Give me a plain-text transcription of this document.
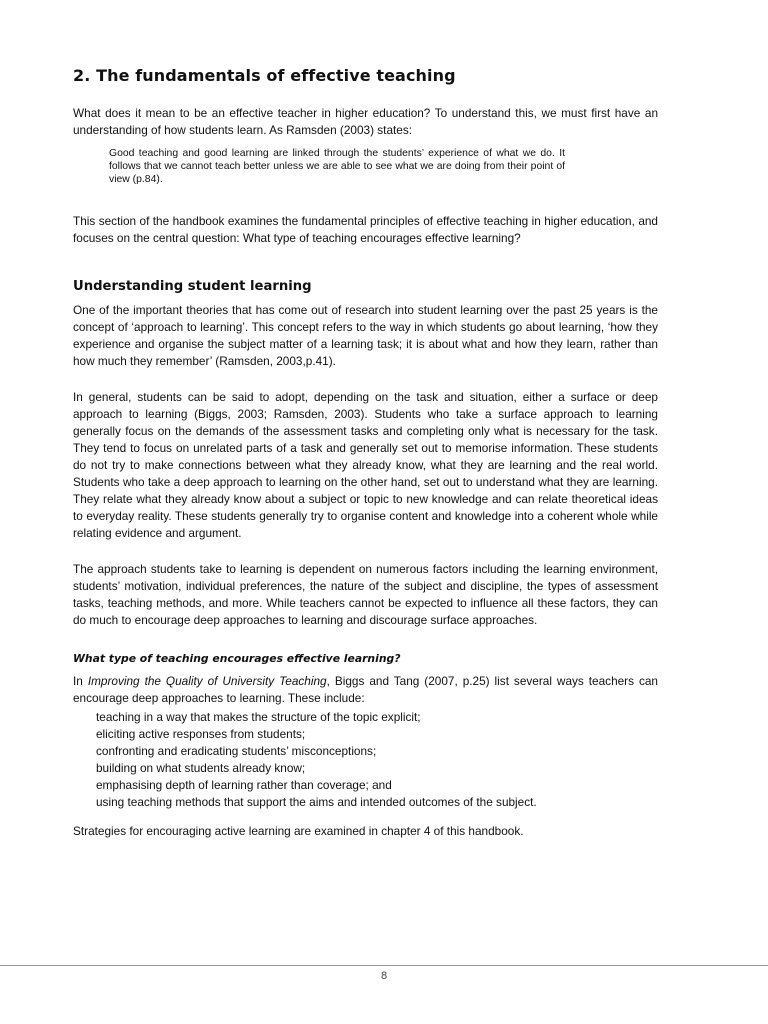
2. The fundamentals of effective teaching

What does it mean to be an effective teacher in higher education? To understand this, we must first have an understanding of how students learn. As Ramsden (2003) states:

Good teaching and good learning are linked through the students’ experience of what we do. It follows that we cannot teach better unless we are able to see what we are doing from their point of view (p.84).

This section of the handbook examines the fundamental principles of effective teaching in higher education, and focuses on the central question: What type of teaching encourages effective learning?

Understanding student learning

One of the important theories that has come out of research into student learning over the past 25 years is the concept of ‘approach to learning’. This concept refers to the way in which students go about learning, ‘how they experience and organise the subject matter of a learning task; it is about what and how they learn, rather than how much they remember’ (Ramsden, 2003,p.41).

In general, students can be said to adopt, depending on the task and situation, either a surface or deep approach to learning (Biggs, 2003; Ramsden, 2003). Students who take a surface approach to learning generally focus on the demands of the assessment tasks and completing only what is necessary for the task. They tend to focus on unrelated parts of a task and generally set out to memorise information. These students do not try to make connections between what they already know, what they are learning and the real world. Students who take a deep approach to learning on the other hand, set out to understand what they are learning. They relate what they already know about a subject or topic to new knowledge and can relate theoretical ideas to everyday reality. These students generally try to organise content and knowledge into a coherent whole while relating evidence and argument.

The approach students take to learning is dependent on numerous factors including the learning environment, students’ motivation, individual preferences, the nature of the subject and discipline, the types of assessment tasks, teaching methods, and more. While teachers cannot be expected to influence all these factors, they can do much to encourage deep approaches to learning and discourage surface approaches.

What type of teaching encourages effective learning?

In Improving the Quality of University Teaching, Biggs and Tang (2007, p.25) list several ways teachers can encourage deep approaches to learning. These include:

teaching in a way that makes the structure of the topic explicit;
eliciting active responses from students;
confronting and eradicating students’ misconceptions;
building on what students already know;
emphasising depth of learning rather than coverage; and
using teaching methods that support the aims and intended outcomes of the subject.

Strategies for encouraging active learning are examined in chapter 4 of this handbook.

8
